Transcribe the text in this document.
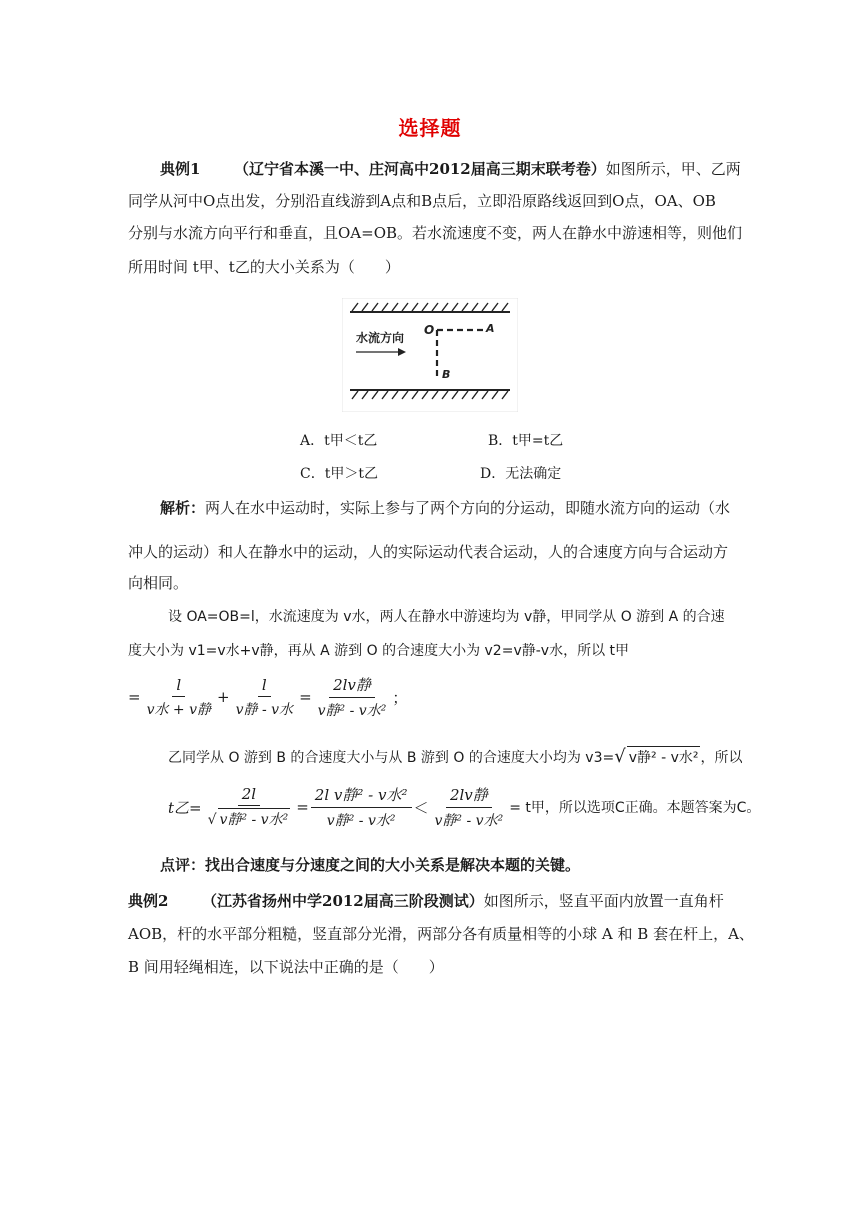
选择题
典例1 （辽宁省本溪一中、庄河高中2012届高三期末联考卷）如图所示，甲、乙两
同学从河中O点出发，分别沿直线游到A点和B点后，立即沿原路线返回到O点，OA、OB
分别与水流方向平行和垂直，且OA=OB。若水流速度不变，两人在静水中游速相等，则他们
所用时间 t甲、t乙的大小关系为（　　）
水流方向
O	A
B
A．t甲＜t乙	B．t甲=t乙
C．t甲＞t乙	D．无法确定
解析：两人在水中运动时，实际上参与了两个方向的分运动，即随水流方向的运动（水
冲人的运动）和人在静水中的运动，人的实际运动代表合运动，人的合速度方向与合运动方
向相同。
设 OA=OB=l，水流速度为 v水，两人在静水中游速均为 v静，甲同学从 O 游到 A 的合速
度大小为 v1=v水+v静，再从 A 游到 O 的合速度大小为 v2=v静-v水，所以 t甲
= $\frac{l}{\text{v水 + v静}} + \frac{l}{\text{v静 - v水}} = \frac{\text{2lv静}}{\text{v静² - v水²}}$ ；
乙同学从 O 游到 B 的合速度大小与从 B 游到 O 的合速度大小均为 v3= √ v静² - v水² ，所以
t乙= $\frac{2l}{\text{√ v静² - v水²}} = \frac{\text{2l v静² - v水²}}{\text{v静² - v水²}} < \frac{\text{2lv静}}{\text{v静² - v水²}} = t$甲，所以选项C正确。本题答案为C。
点评：找出合速度与分速度之间的大小关系是解决本题的关键。
典例2 （江苏省扬州中学2012届高三阶段测试）如图所示，竖直平面内放置一直角杆
AOB，杆的水平部分粗糙，竖直部分光滑，两部分各有质量相等的小球 A 和 B 套在杆上，A、
B 间用轻绳相连，以下说法中正确的是（　　）
